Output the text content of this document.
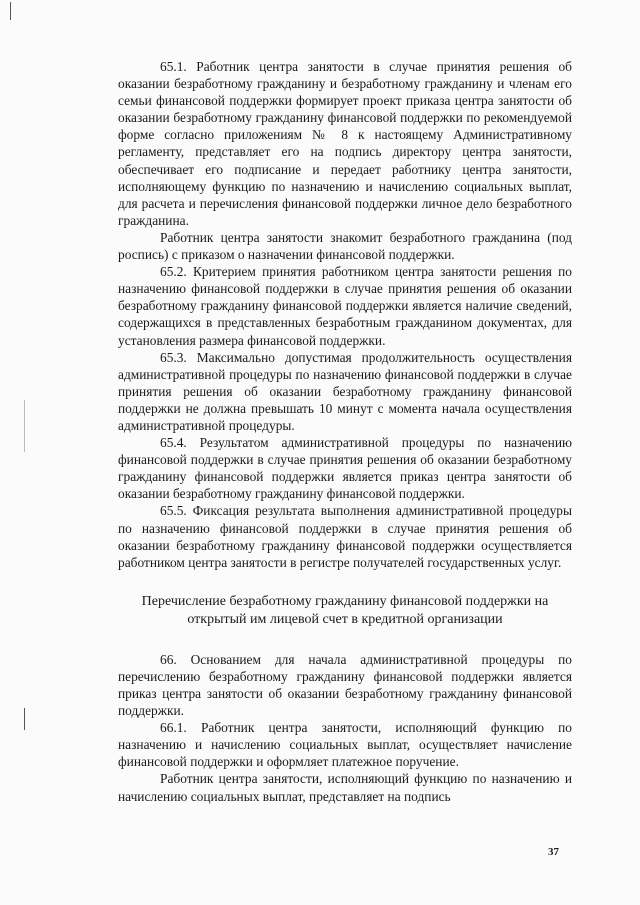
65.1. Работник центра занятости в случае принятия решения об оказании безработному гражданину и безработному гражданину и членам его семьи финансовой поддержки формирует проект приказа центра занятости об оказании безработному гражданину финансовой поддержки по рекомендуемой форме согласно приложениям № 8 к настоящему Административному регламенту, представляет его на подпись директору центра занятости, обеспечивает его подписание и передает работнику центра занятости, исполняющему функцию по назначению и начислению социальных выплат, для расчета и перечисления финансовой поддержки личное дело безработного гражданина.

Работник центра занятости знакомит безработного гражданина (под роспись) с приказом о назначении финансовой поддержки.

65.2. Критерием принятия работником центра занятости решения по назначению финансовой поддержки в случае принятия решения об оказании безработному гражданину финансовой поддержки является наличие сведений, содержащихся в представленных безработным гражданином документах, для установления размера финансовой поддержки.

65.3. Максимально допустимая продолжительность осуществления административной процедуры по назначению финансовой поддержки в случае принятия решения об оказании безработному гражданину финансовой поддержки не должна превышать 10 минут с момента начала осуществления административной процедуры.

65.4. Результатом административной процедуры по назначению финансовой поддержки в случае принятия решения об оказании безработному гражданину финансовой поддержки является приказ центра занятости об оказании безработному гражданину финансовой поддержки.

65.5. Фиксация результата выполнения административной процедуры по назначению финансовой поддержки в случае принятия решения об оказании безработному гражданину финансовой поддержки осуществляется работником центра занятости в регистре получателей государственных услуг.

Перечисление безработному гражданину финансовой поддержки на открытый им лицевой счет в кредитной организации

66. Основанием для начала административной процедуры по перечислению безработному гражданину финансовой поддержки является приказ центра занятости об оказании безработному гражданину финансовой поддержки.

66.1. Работник центра занятости, исполняющий функцию по назначению и начислению социальных выплат, осуществляет начисление финансовой поддержки и оформляет платежное поручение.

Работник центра занятости, исполняющий функцию по назначению и начислению социальных выплат, представляет на подпись

37
